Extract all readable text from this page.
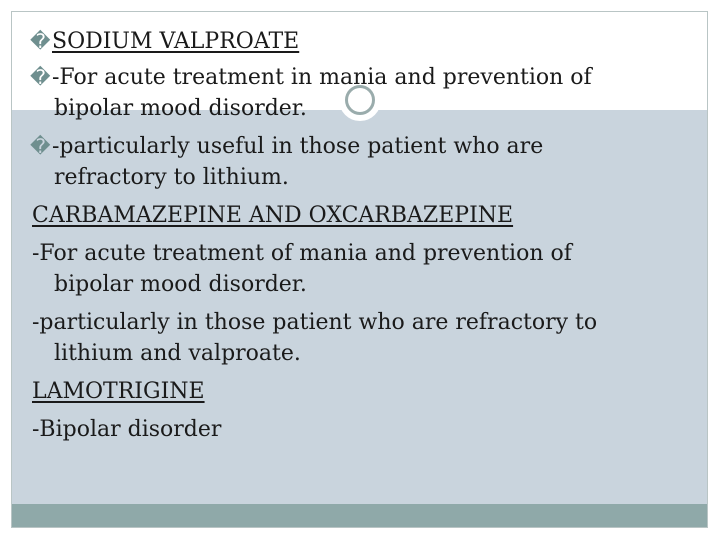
�SODIUM VALPROATE
�-For acute treatment in mania and prevention of
bipolar mood disorder.
�-particularly useful in those patient who are
refractory to lithium.
CARBAMAZEPINE AND OXCARBAZEPINE
-For acute treatment of mania and prevention of
bipolar mood disorder.
-particularly in those patient who are refractory to
lithium and valproate.
LAMOTRIGINE
-Bipolar disorder
